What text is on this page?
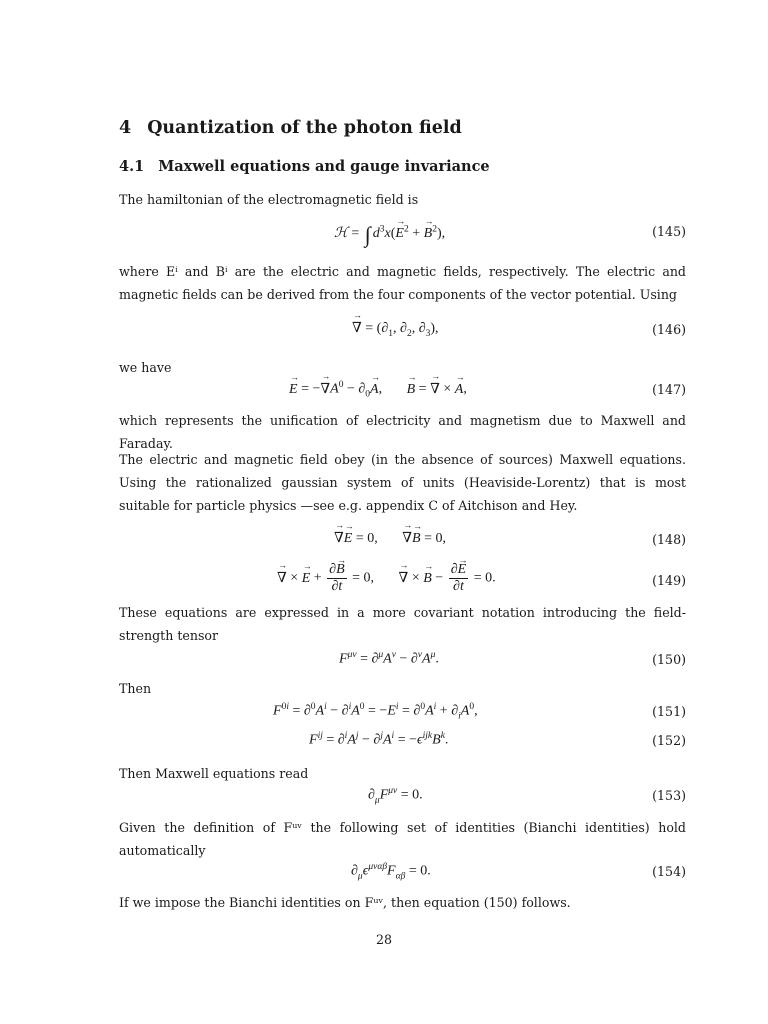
4 Quantization of the photon field
4.1 Maxwell equations and gauge invariance

The hamiltonian of the electromagnetic field is

ℋ = ∫ $d^3x(\to E^2$ + → $B^2$),	(145)

where Eⁱ and Bⁱ are the electric and magnetic fields, respectively. The electric and magnetic fields can be derived from the four components of the vector potential. Using

→ ∇ = ($\partial_1$, $\partial_2$, $\partial_3$),	(146)

we have

→ E = −→ $\nabla A^0 - \partial_0\to A$,       → B = → ∇ × → A,	(147)

which represents the unification of electricity and magnetism due to Maxwell and Faraday.

The electric and magnetic field obey (in the absence of sources) Maxwell equations. Using the rationalized gaussian system of units (Heaviside-Lorentz) that is most suitable for particle physics —see e.g. appendix C of Aitchison and Hey.

→ ∇→ E = 0,       → ∇→ B = 0,	(148)
→ ∇ × → $E + \frac{\partial\to B}{\partial t} = 0$,       → ∇ × → $B - \frac{\partial\to E}{\partial t} = 0$.	(149)

These equations are expressed in a more covariant notation introducing the field-strength tensor

$F^{\mu\nu} = \partial^\mu A^\nu - \partial^\nu A^\mu$.	(150)

Then

$F^{0i} = \partial^0A^i - \partial^iA^0 = -E^i = \partial^0A^i + \partial_iA^0$,	(151)
$F^{ij} = \partial^iA^j - \partial^jA^i = -\epsilon^{ijk}B^k$.	(152)

Then Maxwell equations read

$\partial_\mu F^{\mu\nu} = 0$.	(153)

Given the definition of Fᵘᵛ the following set of identities (Bianchi identities) hold automatically

$\partial_\mu\epsilon^{\mu\nu\alpha\beta}F_{\alpha\beta} = 0$.	(154)

If we impose the Bianchi identities on Fᵘᵛ, then equation (150) follows.

28
